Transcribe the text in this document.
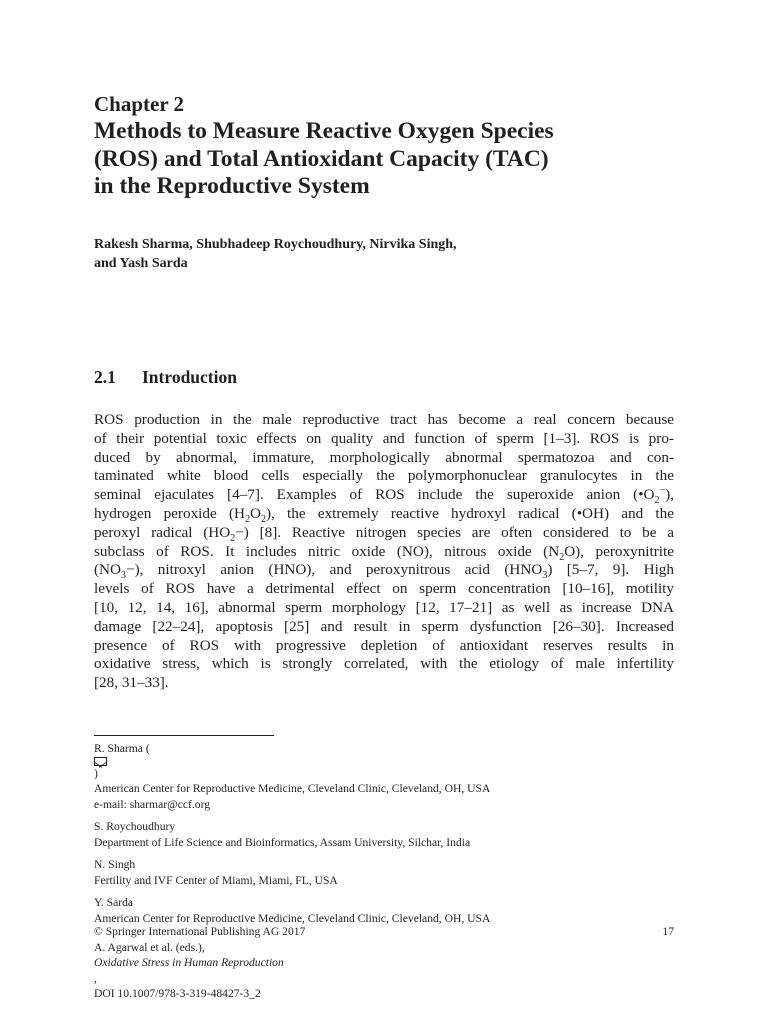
Chapter 2
Methods to Measure Reactive Oxygen Species
(ROS) and Total Antioxidant Capacity (TAC)
in the Reproductive System
Rakesh Sharma, Shubhadeep Roychoudhury, Nirvika Singh,
and Yash Sarda
2.1 Introduction
ROS production in the male reproductive tract has become a real concern because
of their potential toxic effects on quality and function of sperm [1–3]. ROS is pro-
duced by abnormal, immature, morphologically abnormal spermatozoa and con-
taminated white blood cells especially the polymorphonuclear granulocytes in the
seminal ejaculates [4–7]. Examples of ROS include the superoxide anion $(•O_2^-)$,
hydrogen peroxide $(H_2O_2)$, the extremely reactive hydroxyl radical (•OH) and the
peroxyl radical $(HO_2-)$ [8]. Reactive nitrogen species are often considered to be a
subclass of ROS. It includes nitric oxide (NO), nitrous oxide $(N_2O)$, peroxynitrite
$(NO_3-)$, nitroxyl anion (HNO), and peroxynitrous acid $(HNO_3)$ [5–7, 9]. High
levels of ROS have a detrimental effect on sperm concentration [10–16], motility
[10, 12, 14, 16], abnormal sperm morphology [12, 17–21] as well as increase DNA
damage [22–24], apoptosis [25] and result in sperm dysfunction [26–30]. Increased
presence of ROS with progressive depletion of antioxidant reserves results in
oxidative stress, which is strongly correlated, with the etiology of male infertility
[28, 31–33].
R. Sharma (
)
American Center for Reproductive Medicine, Cleveland Clinic, Cleveland, OH, USA
e-mail: sharmar@ccf.org
S. Roychoudhury
Department of Life Science and Bioinformatics, Assam University, Silchar, India
N. Singh
Fertility and IVF Center of Miami, Miami, FL, USA
Y. Sarda
American Center for Reproductive Medicine, Cleveland Clinic, Cleveland, OH, USA
© Springer International Publishing AG 2017
A. Agarwal et al. (eds.),
Oxidative Stress in Human Reproduction
,
DOI 10.1007/978-3-319-48427-3_2
17
